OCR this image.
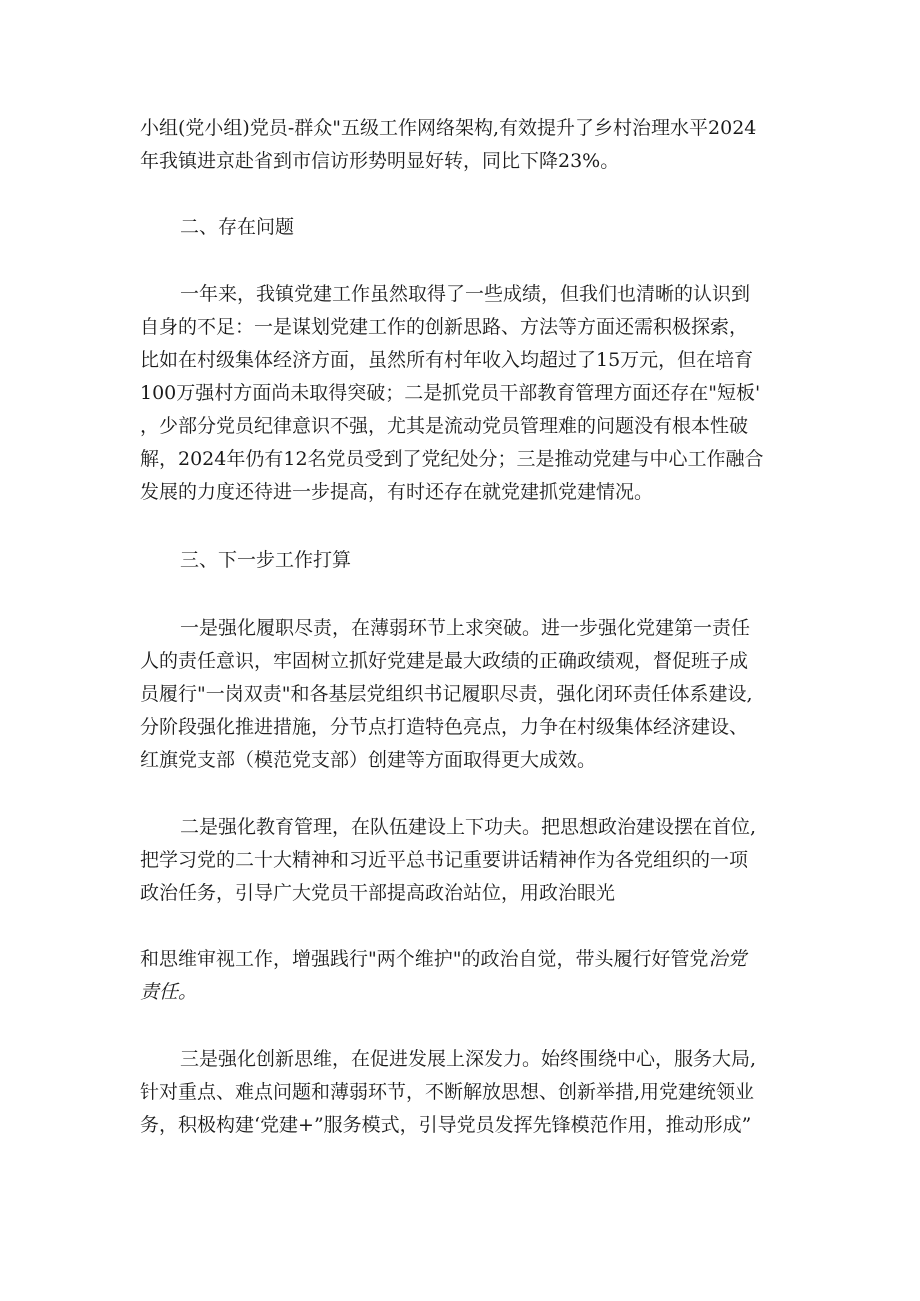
小组(党小组)党员-群众"五级工作网络架构,有效提升了乡村治理水平2024
年我镇进京赴省到市信访形势明显好转，同比下降23%。
二、存在问题
一年来，我镇党建工作虽然取得了一些成绩，但我们也清晰的认识到
自身的不足：一是谋划党建工作的创新思路、方法等方面还需积极探索，
比如在村级集体经济方面，虽然所有村年收入均超过了15万元，但在培育
100万强村方面尚未取得突破；二是抓党员干部教育管理方面还存在"短板'
，少部分党员纪律意识不强，尤其是流动党员管理难的问题没有根本性破
解，2024年仍有12名党员受到了党纪处分；三是推动党建与中心工作融合
发展的力度还待进一步提高，有时还存在就党建抓党建情况。
三、下一步工作打算
一是强化履职尽责，在薄弱环节上求突破。进一步强化党建第一责任
人的责任意识，牢固树立抓好党建是最大政绩的正确政绩观，督促班子成
员履行"一岗双责"和各基层党组织书记履职尽责，强化闭环责任体系建设,
分阶段强化推进措施，分节点打造特色亮点，力争在村级集体经济建设、
红旗党支部（模范党支部）创建等方面取得更大成效。
二是强化教育管理，在队伍建设上下功夫。把思想政治建设摆在首位,
把学习党的二十大精神和习近平总书记重要讲话精神作为各党组织的一项
政治任务，引导广大党员干部提高政治站位，用政治眼光
和思维审视工作，增强践行"两个维护"的政治自觉，带头履行好管党治党
责任。
三是强化创新思维，在促进发展上深发力。始终围绕中心，服务大局,
针对重点、难点问题和薄弱环节，不断解放思想、创新举措,用党建统领业
务，积极构建‘党建+”服务模式，引导党员发挥先锋模范作用，推动形成”
